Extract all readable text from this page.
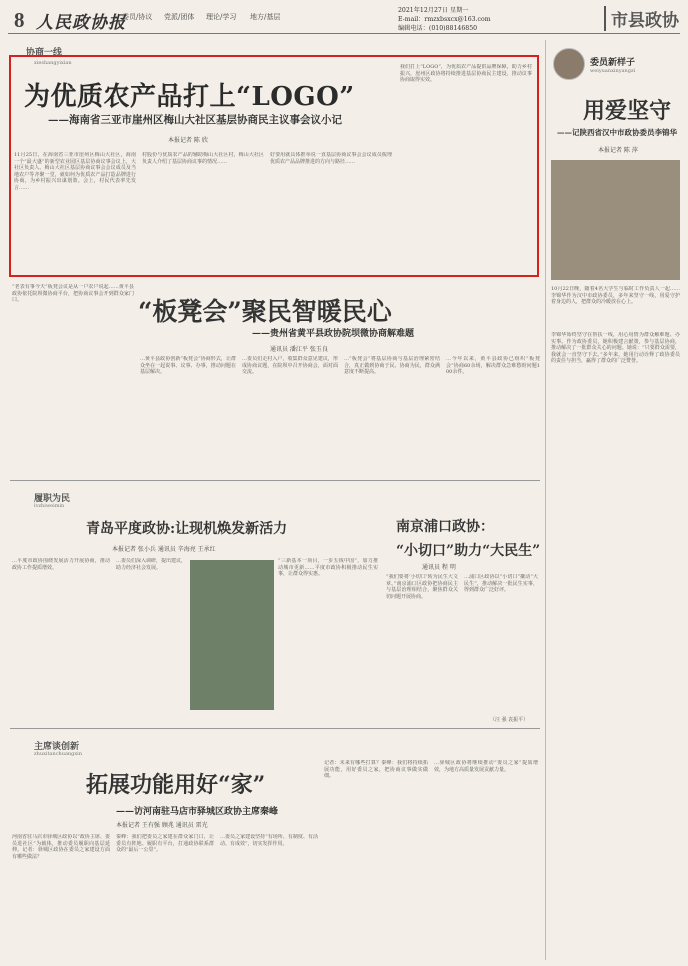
8 人民政协报
委员/协议 党派/团体 理论/学习 地方/基层
2021年12月27日 星期一
E-mail：rmzxbsxcx@163.com
编辑电话：(010)88146850	市县政协
协商一线
xieshangyixian
为优质农产品打上“LOGO”
——海南省三亚市崖州区梅山大社区基层协商民主议事会议小记
本报记者 陈 欣
11月25日，在海南省三亚市崖州区梅山大社区，海南一个“最大盛”的新型农业园区基层协商议事会议上，大社区负责人、梅山大社区基层协商议事会会议成员及当地农户等齐聚一堂，就如何为优质农产品打造品牌进行协商，为乡村振兴出谋划策。会上，村民代表率先发言……
村股份与优质农产品的辅助梅山大社区村，梅山大社区负责人介绍了基层协商议事的情况……
好要用就具体推举说一直基层协商议事会会议成员梳理优质农产品品牌推进的方向与路径……
我们打上“LOGO”，为优质农产品提供品牌保障，助力乡村振兴，崖州区政协将持续推进基层协商民主建设，推动议事协商取得实效。
委员新样子
weiyuanxinyangzi
用爱坚守
——记陕西省汉中市政协委员李锦华
本报记者 陈 萍
10月22日晚，随着4名大学生与临时工作负责人一起……李锦华作为汉中市政协委员，多年来坚守一线，用爱守护着身边的人，把群众的冷暖放在心上。
“老表有事今天”板凳会议是从一户农户说起……黄平县政协依托院坝微协商平台，把协商议事会开到群众家门口。	“板凳会”聚民智暖民心
——贵州省黄平县政协院坝微协商解难题
通讯员 潘江平 张玉良
…黄平县政协创新“板凳会”协商形式，让群众坐在一起说事、议事、办事，推动问题在基层解决。
…委员们走村入户，收集群众意见建议，形成协商议题，在院坝中召开协商会，面对面交流。
…“板凳会”将基层协商与基层治理紧密结合，真正做到协商于民、协商为民，群众满意度不断提高。
…今年以来，黄平县政协已组织“板凳会”协商60余场，解决群众急难愁盼问题100余件。
履职为民
lvzhiweimin
青岛平度政协:让现机焕发新活力
本报记者 张小兵 通讯员 辛海亮 王承红
…平度市政协围绕发展活力开展协商，推动政协工作提质增效。
…委员们深入调研，提出建议，助力经济社会发展。
“三新基本一项目，一步五钱中国”，加力推动城市更新……平度市政协积极推动民生实事，让群众得实惠。
南京浦口政协：
“小切口”助力“大民生”
通讯员 程 明
“我们要将‘小切口’转为民生大文章。”南京浦口区政协把协商民主与基层治理相结合，聚焦群众关切问题开展协商。
…浦口区政协以“小切口”撬动“大民生”，推动解决一批民生实事，得到群众广泛好评。
（汪 强 袁振平）
主席谈创新
zhuxitanchuangxin
拓展功能用好“家”
——访河南驻马店市驿城区政协主席秦峰
本报记者 王有强 顾兆 通讯员 雷光
河南省驻马店市驿城区政协以“政协主席、委员进社区”为载体，推动委员履职向基层延伸。记者：驿城区政协在委员之家建设方面有哪些做法？
秦峰：我们把委员之家建在群众家门口，让委员有阵地、履职有平台，打通政协联系群众的“最后一公里”。
…委员之家建设坚持“有场所、有制度、有活动、有成效”，切实发挥作用。
记者：未来有哪些打算？秦峰：我们将持续拓展功能，用好委员之家，把协商议事做实做细。
…驿城区政协将继续推动“委员之家”提质增效，为地方高质量发展贡献力量。
李锦华始终坚守在帮扶一线，用心用情为群众解难题、办实事。作为政协委员，她积极建言献策，参与基层协商，推动解决了一批群众关心的问题。她说：“只要群众需要，我就会一直坚守下去。”多年来，她用行动诠释了政协委员的责任与担当，赢得了群众的广泛赞誉。
